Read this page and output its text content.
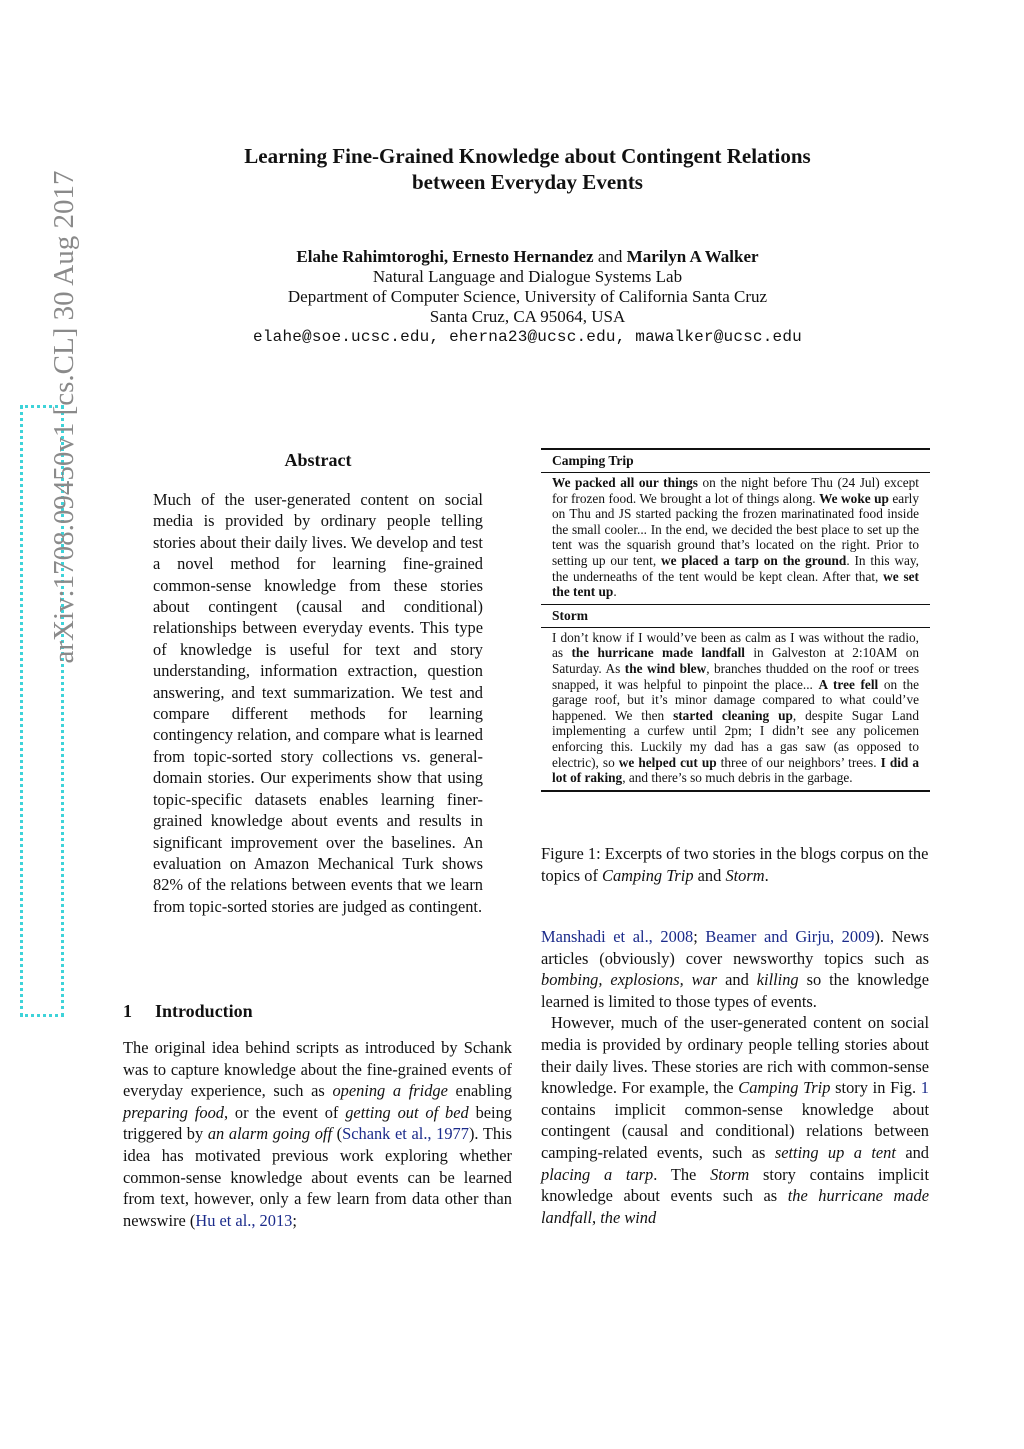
Learning Fine-Grained Knowledge about Contingent Relations
between Everyday Events
Elahe Rahimtoroghi, Ernesto Hernandez and Marilyn A Walker
Natural Language and Dialogue Systems Lab
Department of Computer Science, University of California Santa Cruz
Santa Cruz, CA 95064, USA
elahe@soe.ucsc.edu, eherna23@ucsc.edu, mawalker@ucsc.edu
arXiv:1708.09450v1 [cs.CL] 30 Aug 2017	Abstract
Much of the user-generated content on social media is provided by ordinary people telling stories about their daily lives. We develop and test a novel method for learning fine-grained common-sense knowledge from these stories about contingent (causal and conditional) relationships between everyday events. This type of knowledge is useful for text and story understanding, information extraction, question answering, and text summarization. We test and compare different methods for learning contingency relation, and compare what is learned from topic-sorted story collections vs. general-domain stories. Our experiments show that using topic-specific datasets enables learning finer-grained knowledge about events and results in significant improvement over the baselines. An evaluation on Amazon Mechanical Turk shows 82% of the relations between events that we learn from topic-sorted stories are judged as contingent.
1 Introduction

The original idea behind scripts as introduced by Schank was to capture knowledge about the fine-grained events of everyday experience, such as opening a fridge enabling preparing food, or the event of getting out of bed being triggered by an alarm going off (Schank et al., 1977). This idea has motivated previous work exploring whether common-sense knowledge about events can be learned from text, however, only a few learn from data other than newswire (Hu et al., 2013;

Camping Trip
We packed all our things on the night before Thu (24 Jul) except for frozen food. We brought a lot of things along. We woke up early on Thu and JS started packing the frozen marinatinated food inside the small cooler... In the end, we decided the best place to set up the tent was the squarish ground that’s located on the right. Prior to setting up our tent, we placed a tarp on the ground. In this way, the underneaths of the tent would be kept clean. After that, we set the tent up.
Storm
I don’t know if I would’ve been as calm as I was without the radio, as the hurricane made landfall in Galveston at 2:10AM on Saturday. As the wind blew, branches thudded on the roof or trees snapped, it was helpful to pinpoint the place... A tree fell on the garage roof, but it’s minor damage compared to what could’ve happened. We then started cleaning up, despite Sugar Land implementing a curfew until 2pm; I didn’t see any policemen enforcing this. Luckily my dad has a gas saw (as opposed to electric), so we helped cut up three of our neighbors’ trees. I did a lot of raking, and there’s so much debris in the garbage.
Figure 1: Excerpts of two stories in the blogs corpus on the topics of Camping Trip and Storm.

Manshadi et al., 2008; Beamer and Girju, 2009). News articles (obviously) cover newsworthy topics such as bombing, explosions, war and killing so the knowledge learned is limited to those types of events.

However, much of the user-generated content on social media is provided by ordinary people telling stories about their daily lives. These stories are rich with common-sense knowledge. For example, the Camping Trip story in Fig. 1 contains implicit common-sense knowledge about contingent (causal and conditional) relations between camping-related events, such as setting up a tent and placing a tarp. The Storm story contains implicit knowledge about events such as the hurricane made landfall, the wind
